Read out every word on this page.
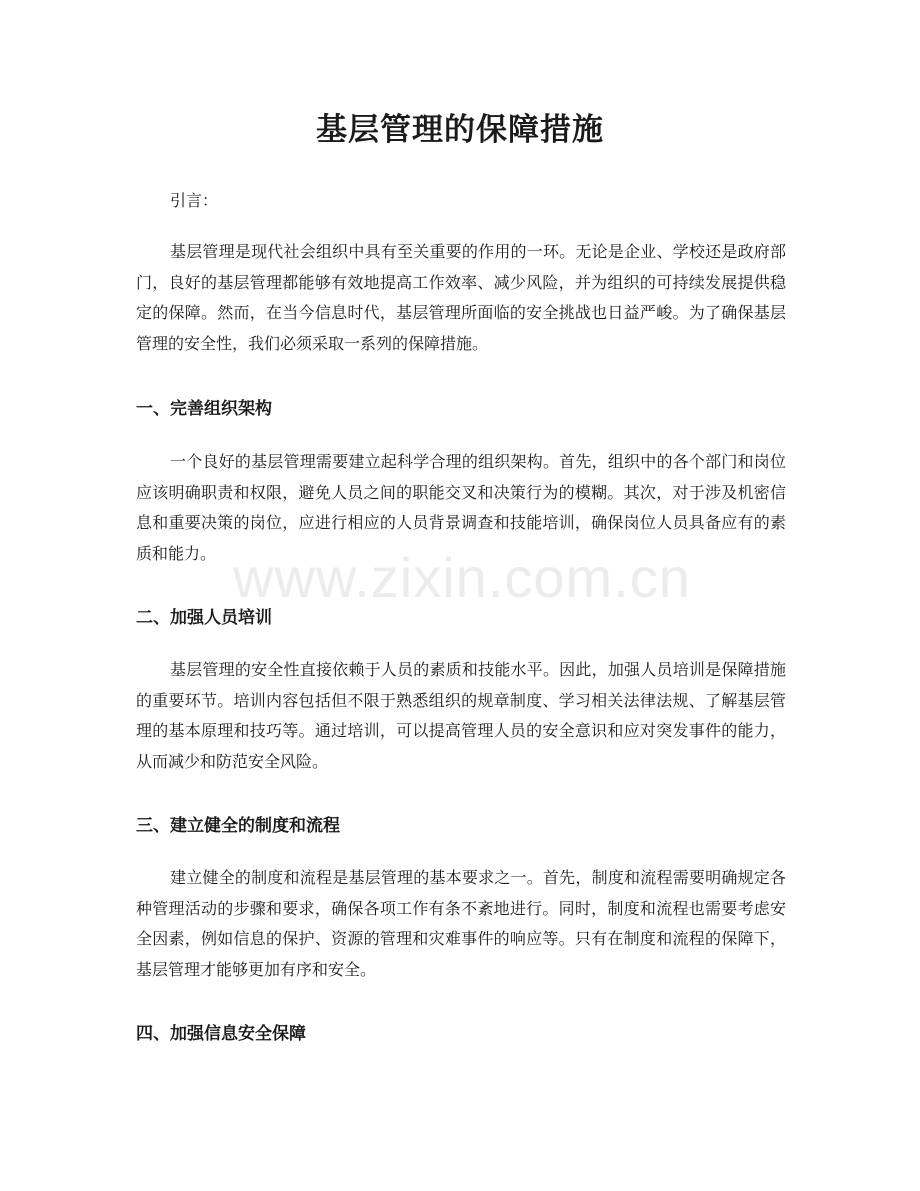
基层管理的保障措施
引言：
基层管理是现代社会组织中具有至关重要的作用的一环。无论是企业、学校还是政府部门，良好的基层管理都能够有效地提高工作效率、减少风险，并为组织的可持续发展提供稳定的保障。然而，在当今信息时代，基层管理所面临的安全挑战也日益严峻。为了确保基层管理的安全性，我们必须采取一系列的保障措施。
一、完善组织架构
一个良好的基层管理需要建立起科学合理的组织架构。首先，组织中的各个部门和岗位应该明确职责和权限，避免人员之间的职能交叉和决策行为的模糊。其次，对于涉及机密信息和重要决策的岗位，应进行相应的人员背景调查和技能培训，确保岗位人员具备应有的素质和能力。
二、加强人员培训
基层管理的安全性直接依赖于人员的素质和技能水平。因此，加强人员培训是保障措施的重要环节。培训内容包括但不限于熟悉组织的规章制度、学习相关法律法规、了解基层管理的基本原理和技巧等。通过培训，可以提高管理人员的安全意识和应对突发事件的能力，从而减少和防范安全风险。
三、建立健全的制度和流程
建立健全的制度和流程是基层管理的基本要求之一。首先，制度和流程需要明确规定各种管理活动的步骤和要求，确保各项工作有条不紊地进行。同时，制度和流程也需要考虑安全因素，例如信息的保护、资源的管理和灾难事件的响应等。只有在制度和流程的保障下，基层管理才能够更加有序和安全。
四、加强信息安全保障
www.zixin.com.cn
